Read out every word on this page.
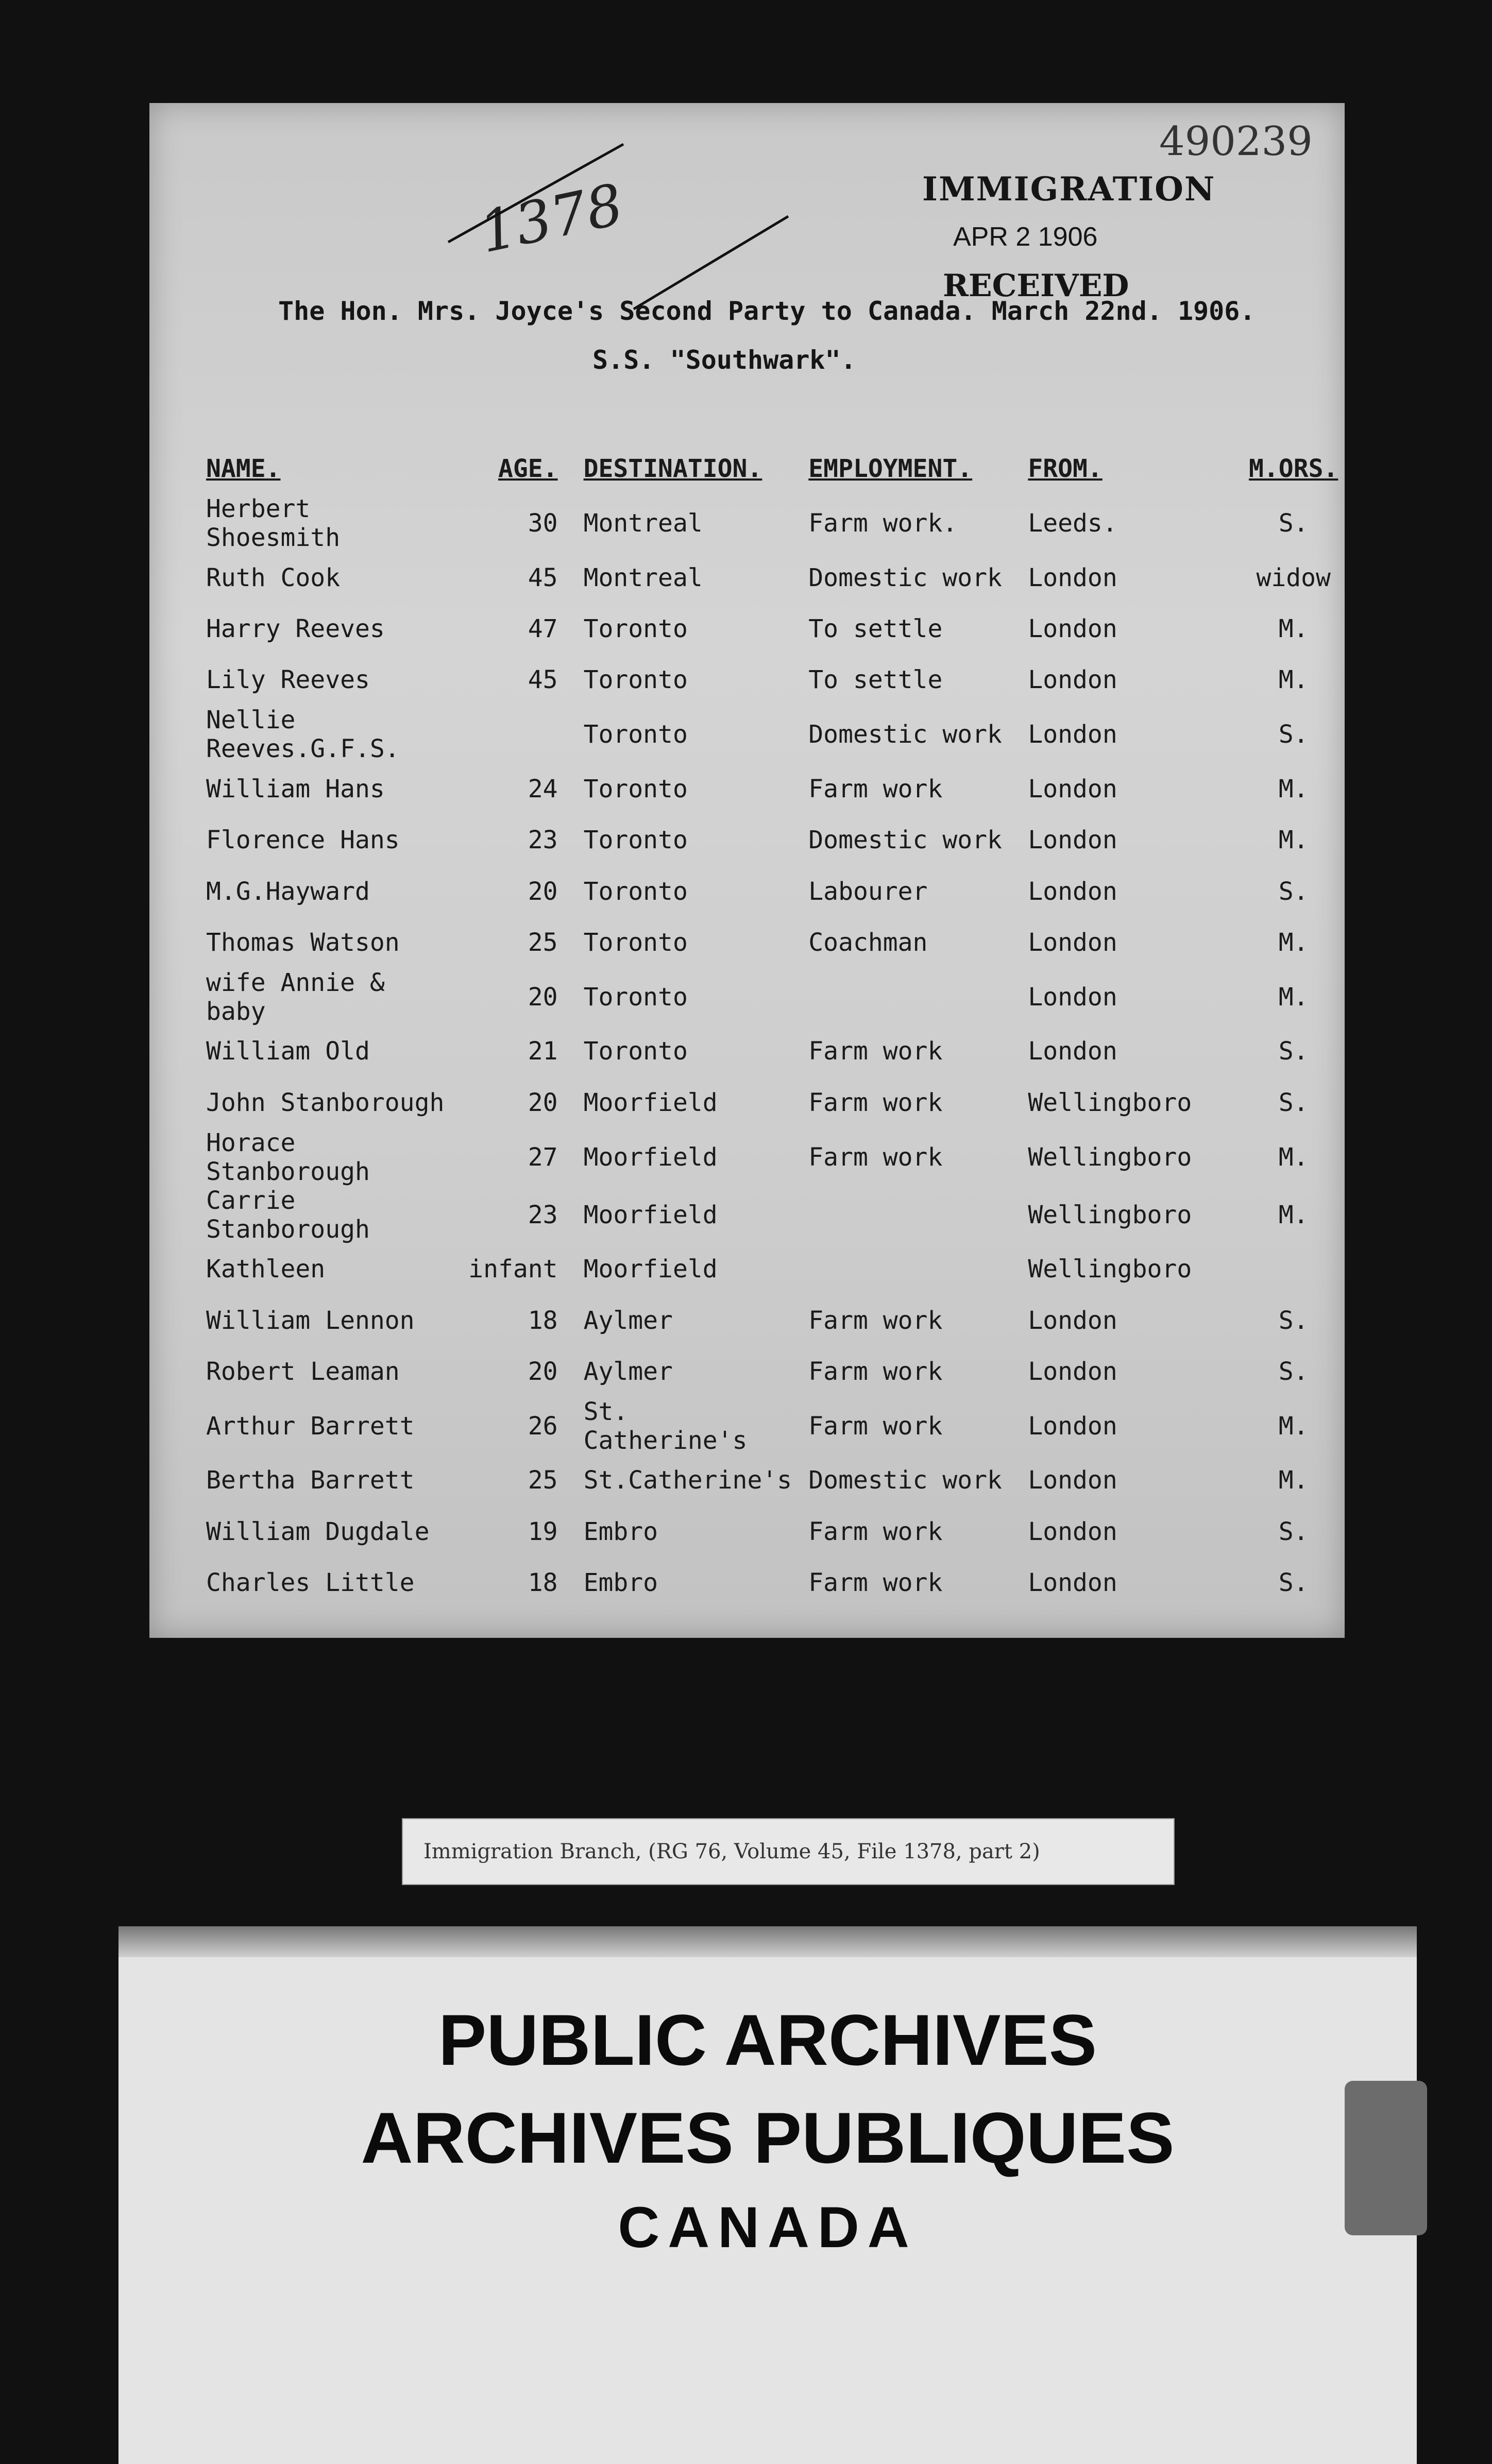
490239
1378	IMMIGRATION
APR 2 1906
RECEIVED
The Hon. Mrs. Joyce's Second Party to Canada. March 22nd. 1906.
S.S. "Southwark".
NAME.	AGE.	DESTINATION.	EMPLOYMENT.	FROM.	M.ORS.
Herbert Shoesmith	30	Montreal	Farm work.	Leeds.	S.
Ruth Cook	45	Montreal	Domestic work	London	widow
Harry Reeves	47	Toronto	To settle	London	M.
Lily Reeves	45	Toronto	To settle	London	M.
Nellie Reeves.G.F.S.		Toronto	Domestic work	London	S.
William Hans	24	Toronto	Farm work	London	M.
Florence Hans	23	Toronto	Domestic work	London	M.
M.G.Hayward	20	Toronto	Labourer	London	S.
Thomas Watson	25	Toronto	Coachman	London	M.
wife Annie & baby	20	Toronto		London	M.
William Old	21	Toronto	Farm work	London	S.
John Stanborough	20	Moorfield	Farm work	Wellingboro	S.
Horace Stanborough	27	Moorfield	Farm work	Wellingboro	M.
Carrie Stanborough	23	Moorfield		Wellingboro	M.
Kathleen	infant	Moorfield		Wellingboro	
William Lennon	18	Aylmer	Farm work	London	S.
Robert Leaman	20	Aylmer	Farm work	London	S.
Arthur Barrett	26	St. Catherine's	Farm work	London	M.
Bertha Barrett	25	St.Catherine's	Domestic work	London	M.
William Dugdale	19	Embro	Farm work	London	S.
Charles Little	18	Embro	Farm work	London	S.
Immigration Branch, (RG 76, Volume 45, File 1378, part 2)
PUBLIC ARCHIVES
ARCHIVES PUBLIQUES
CANADA
